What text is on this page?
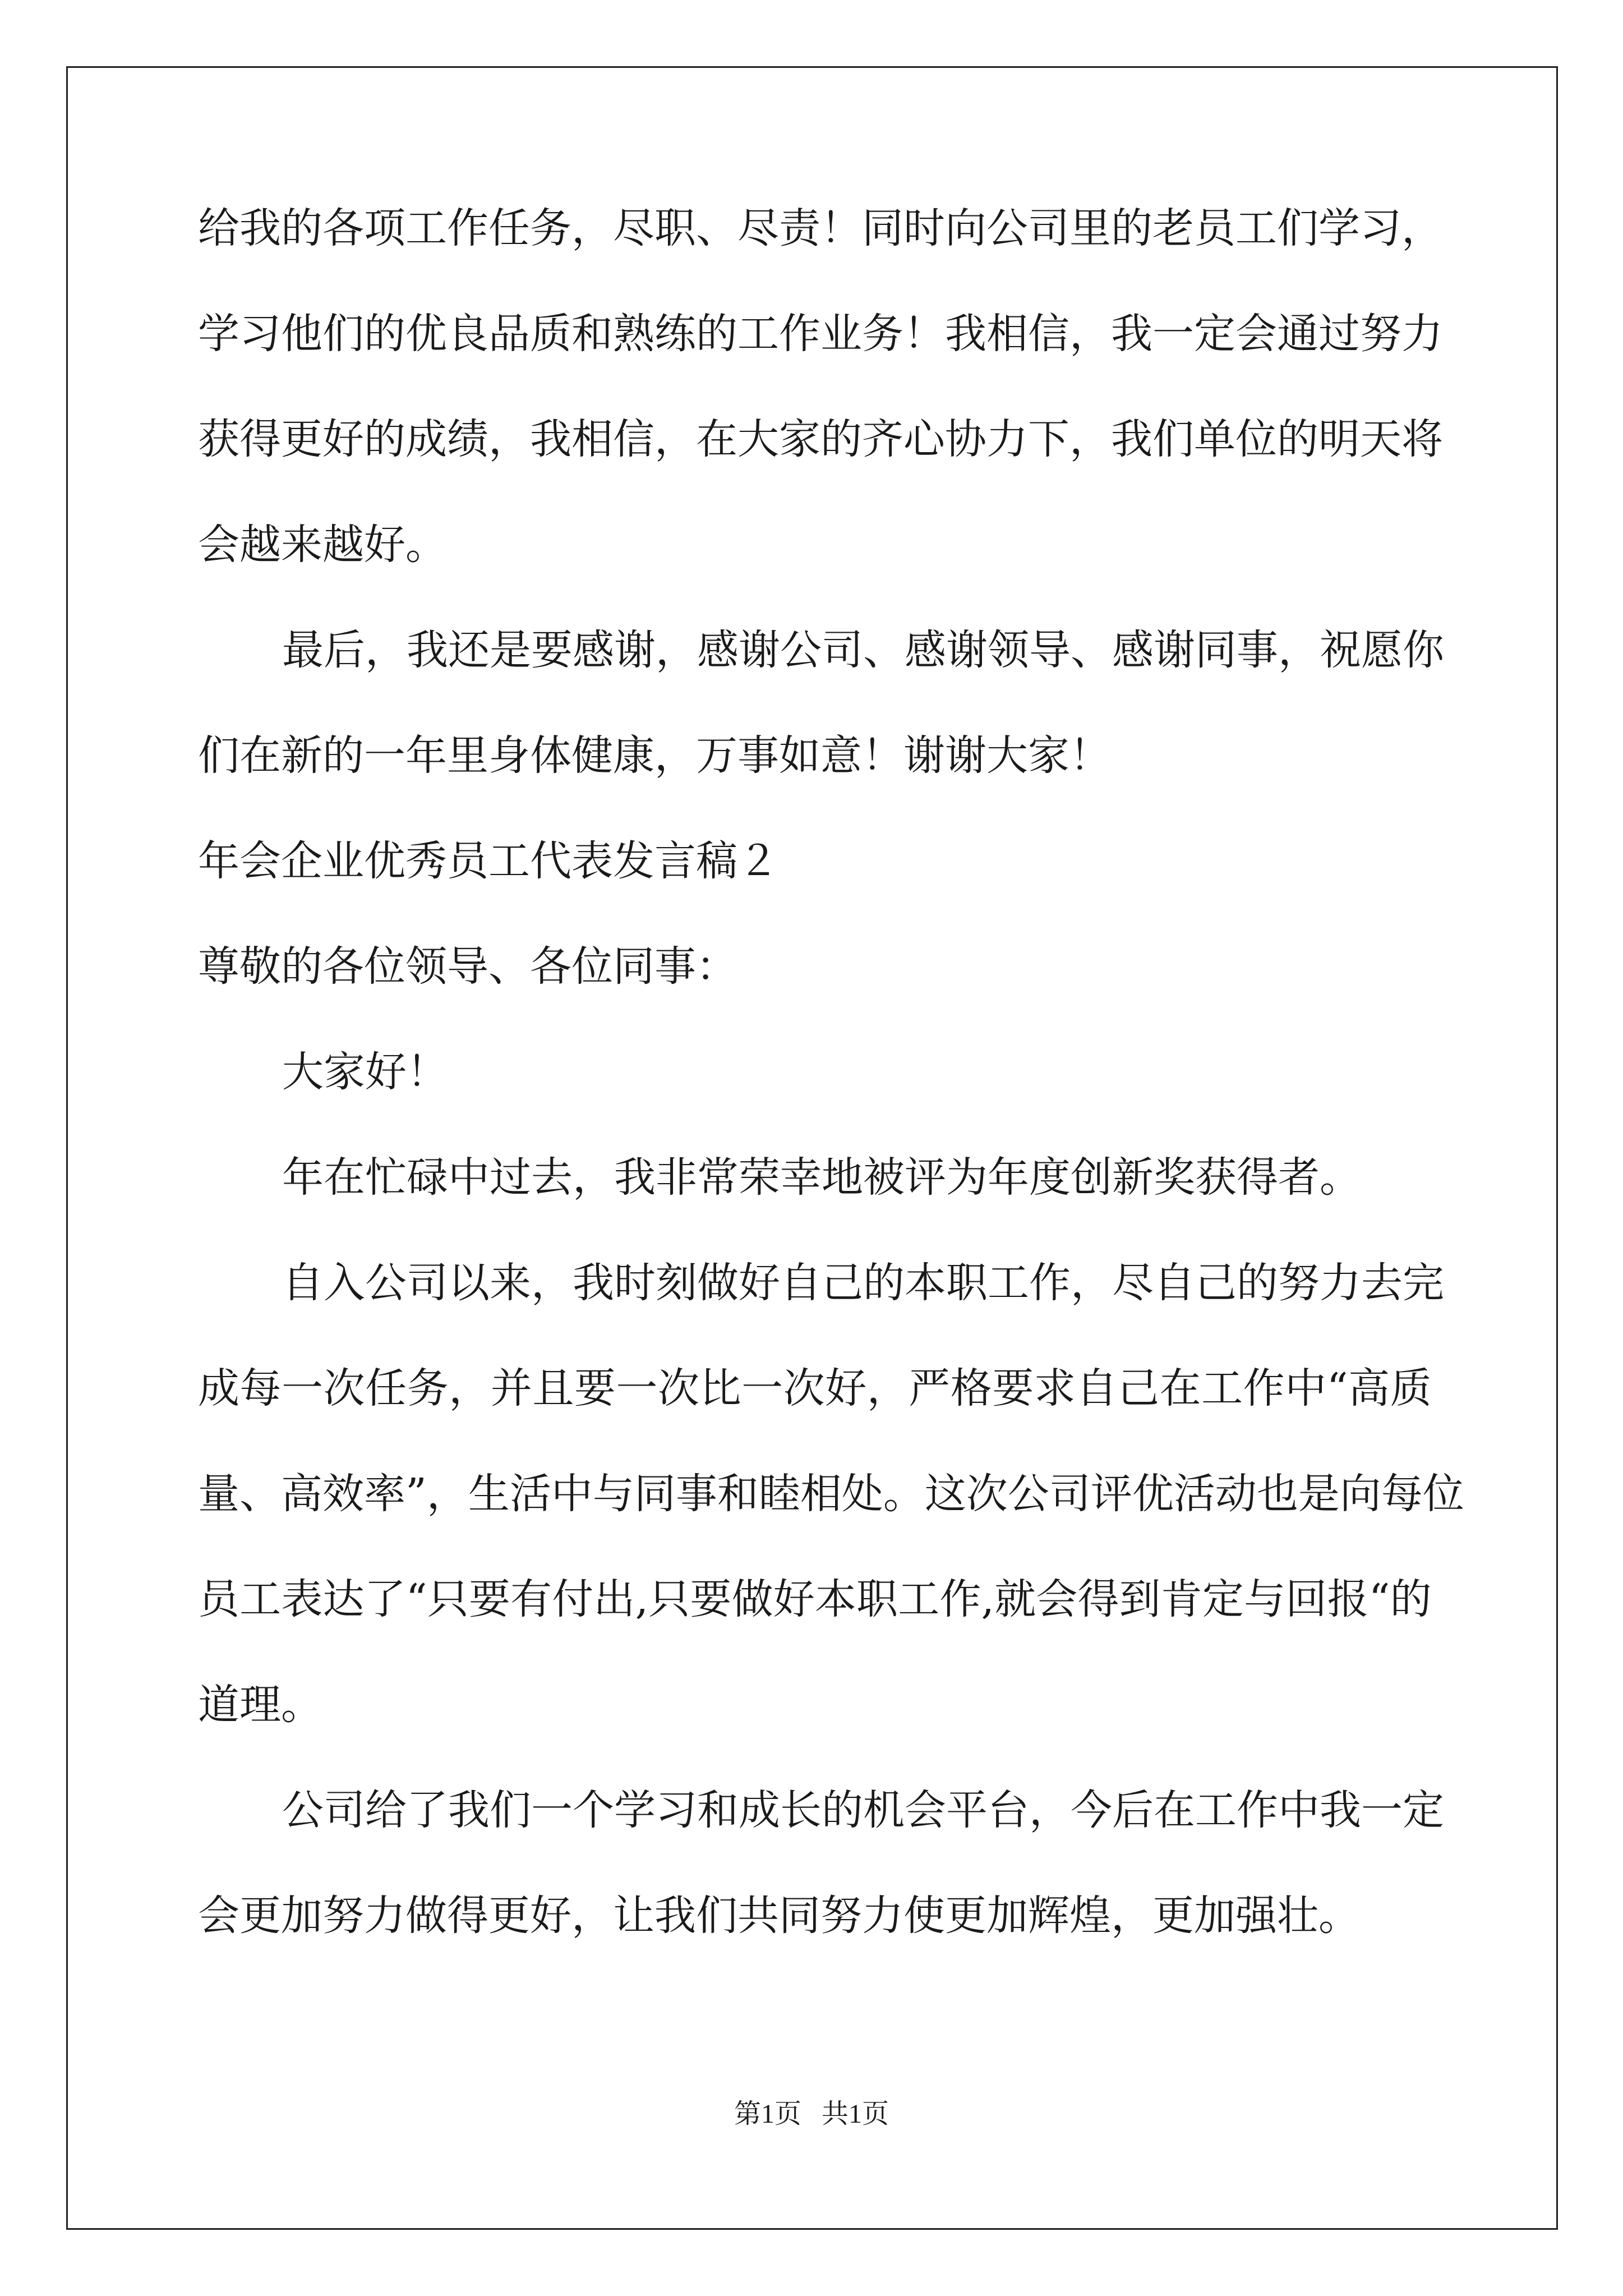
给 我 的 各 项 工 作 任 务 ， 尽 职 、 尽 责 ！ 同 时 向 公 司 里 的 老 员 工 们 学 习 ，
学 习 他 们 的 优 良 品 质 和 熟 练 的 工 作 业 务 ！ 我 相 信 ， 我 一 定 会 通 过 努 力
获 得 更 好 的 成 绩 ， 我 相 信 ， 在 大 家 的 齐 心 协 力 下 ， 我 们 单 位 的 明 天 将
会越来越好。
最 后 ， 我 还 是 要 感 谢 ， 感 谢 公 司 、 感 谢 领 导 、 感 谢 同 事 ， 祝 愿 你
们在新的一年里身体健康，万事如意！谢谢大家！
年会企业优秀员工代表发言稿２
尊敬的各位领导、各位同事：
大家好！
年在忙碌中过去，我非常荣幸地被评为年度创新奖获得者。
自 入 公 司 以 来 ， 我 时 刻 做 好 自 己 的 本 职 工 作 ， 尽 自 己 的 努 力 去 完
成 每 一 次 任 务 ， 并 且 要 一 次 比 一 次 好 ， 严 格 要 求 自 己 在 工 作 中 “ 高 质
量 、 高 效 率 ” ， 生 活 中 与 同 事 和 睦 相 处 。 这 次 公 司 评 优 活 动 也 是 向 每 位
员 工 表 达 了 “ 只 要 有 付 出 , 只 要 做 好 本 职 工 作 , 就 会 得 到 肯 定 与 回 报 “ 的
道理。
公 司 给 了 我 们 一 个 学 习 和 成 长 的 机 会 平 台 ， 今 后 在 工 作 中 我 一 定
会更加努力做得更好，让我们共同努力使更加辉煌，更加强壮。
第1页   共1页
